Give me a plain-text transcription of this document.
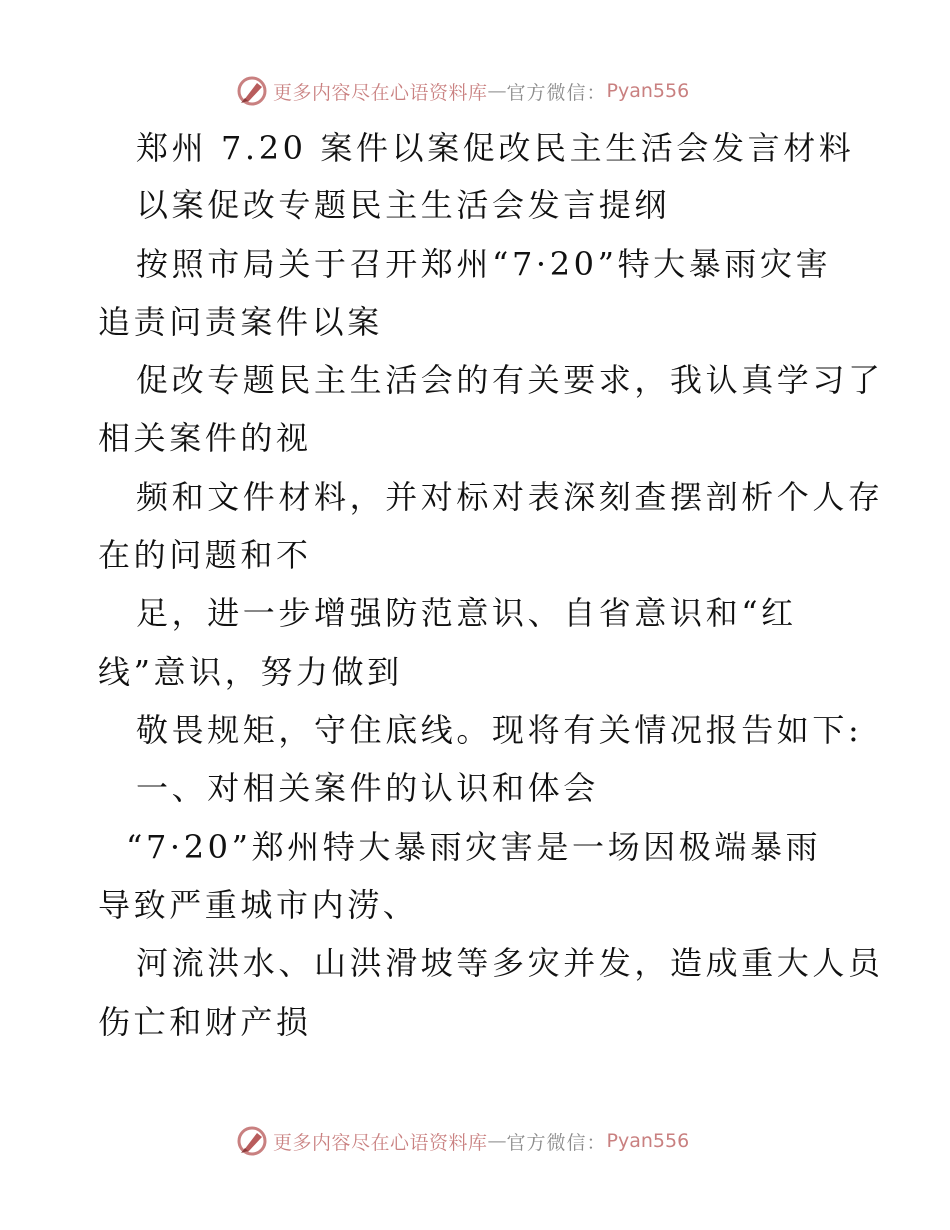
更多内容尽在心语资料库 — 官方微信： Pyan556
郑州 7.20 案件以案促改民主生活会发言材料
以案促改专题民主生活会发言提纲
按照市局关于召开郑州“7·20”特大暴雨灾害
追责问责案件以案
促改专题民主生活会的有关要求，我认真学习了
相关案件的视
频和文件材料，并对标对表深刻查摆剖析个人存
在的问题和不
足，进一步增强防范意识、自省意识和“红
线”意识，努力做到
敬畏规矩，守住底线。现将有关情况报告如下:
一、对相关案件的认识和体会
“7·20”郑州特大暴雨灾害是一场因极端暴雨
导致严重城市内涝、
河流洪水、山洪滑坡等多灾并发，造成重大人员
伤亡和财产损
更多内容尽在心语资料库 — 官方微信： Pyan556
